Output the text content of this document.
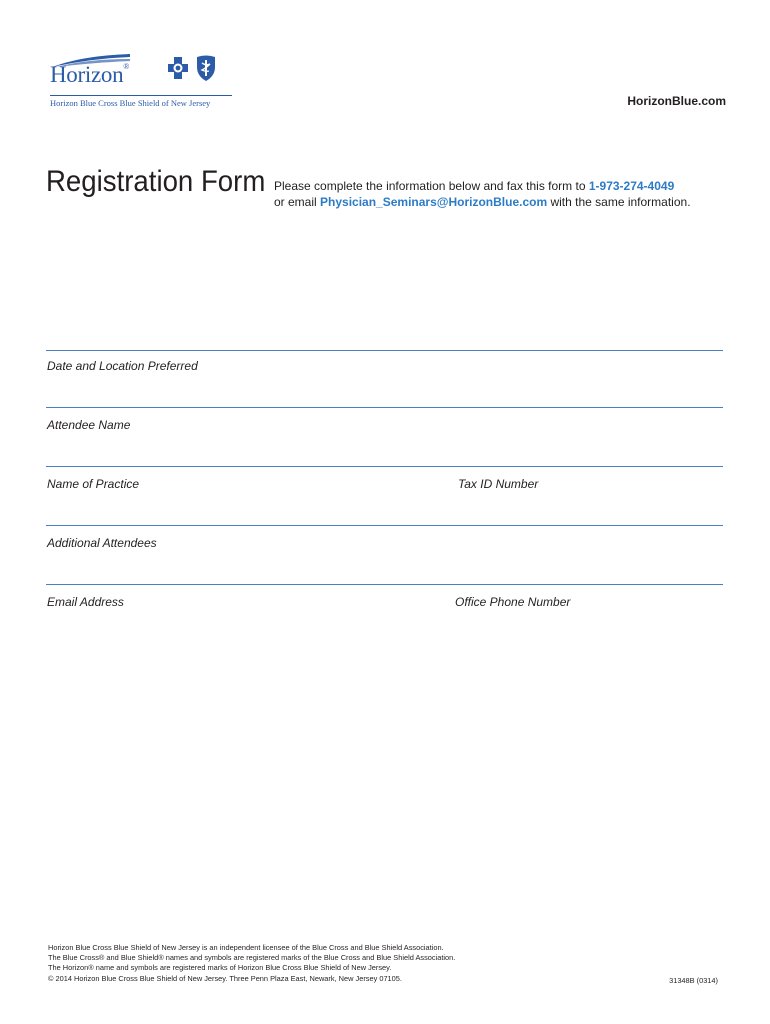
Horizon®
Horizon Blue Cross Blue Shield of New Jersey	HorizonBlue.com
Registration Form Please complete the information below and fax this form to 1-973-274-4049
or email Physician_Seminars@HorizonBlue.com with the same information.
Date and Location Preferred
Attendee Name
Name of Practice	Tax ID Number
Additional Attendees
Email Address	Office Phone Number
Horizon Blue Cross Blue Shield of New Jersey is an independent licensee of the Blue Cross and Blue Shield Association.
The Blue Cross® and Blue Shield® names and symbols are registered marks of the Blue Cross and Blue Shield Association.
The Horizon® name and symbols are registered marks of Horizon Blue Cross Blue Shield of New Jersey.
© 2014 Horizon Blue Cross Blue Shield of New Jersey. Three Penn Plaza East, Newark, New Jersey 07105.	31348B (0314)
